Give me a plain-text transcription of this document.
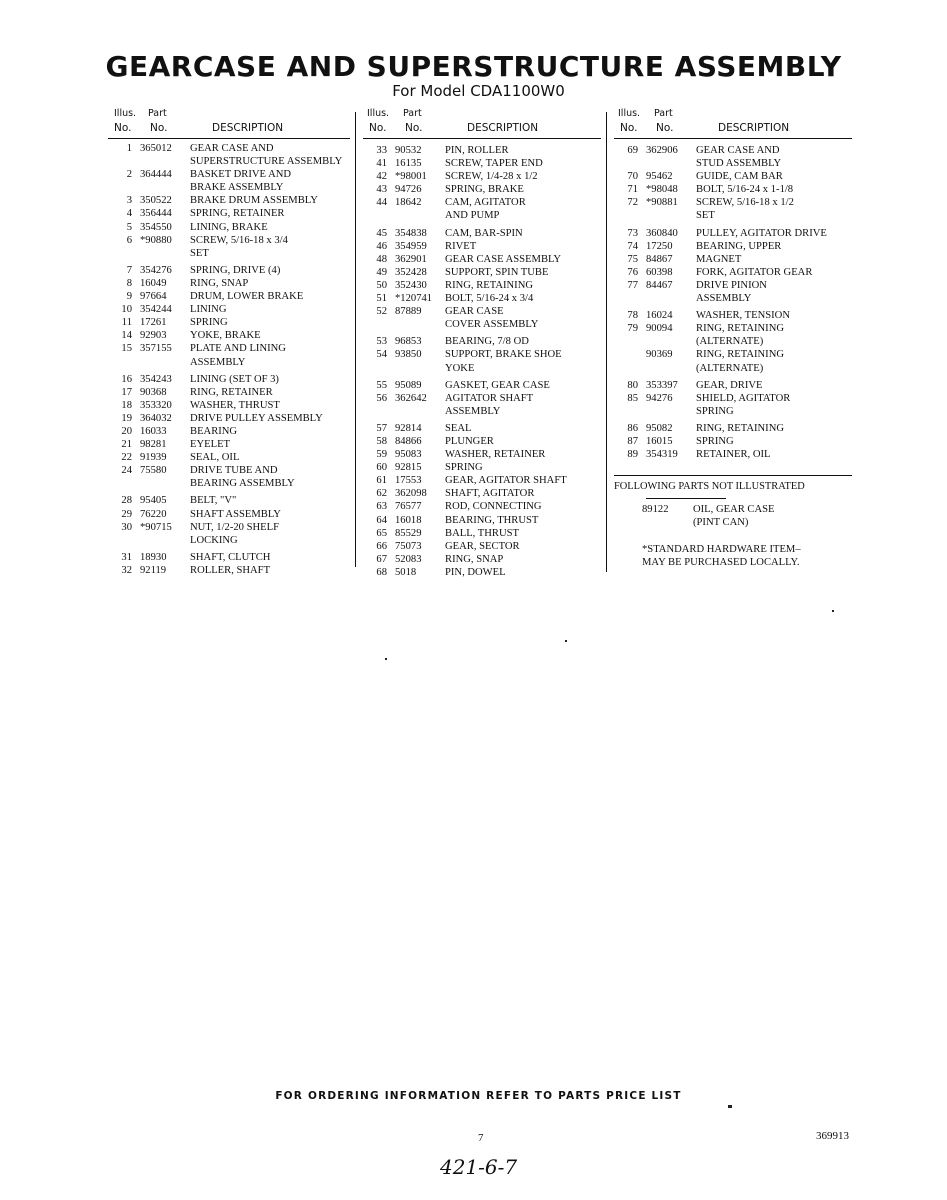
GEARCASE AND SUPERSTRUCTURE ASSEMBLY
For Model CDA1100W0
Illus. Part
No. No.	DESCRIPTION
1 365012	GEAR CASE AND
SUPERSTRUCTURE ASSEMBLY
2 364444	BASKET DRIVE AND
BRAKE ASSEMBLY
3 350522	BRAKE DRUM ASSEMBLY
4 356444	SPRING, RETAINER
5 354550	LINING, BRAKE
6 *90880	SCREW, 5/16-18 x 3/4
SET
7 354276	SPRING, DRIVE (4)
8 16049	RING, SNAP
9 97664	DRUM, LOWER BRAKE
10 354244	LINING
11 17261	SPRING
14 92903	YOKE, BRAKE
15 357155	PLATE AND LINING
ASSEMBLY
16 354243	LINING (SET OF 3)
17 90368	RING, RETAINER
18 353320	WASHER, THRUST
19 364032	DRIVE PULLEY ASSEMBLY
20 16033	BEARING
21 98281	EYELET
22 91939	SEAL, OIL
24 75580	DRIVE TUBE AND
BEARING ASSEMBLY
28 95405	BELT, "V"
29 76220	SHAFT ASSEMBLY
30 *90715	NUT, 1/2-20 SHELF
LOCKING
31 18930	SHAFT, CLUTCH
32 92119	ROLLER, SHAFT
Illus. Part
No. No.	DESCRIPTION
33 90532	PIN, ROLLER
41 16135	SCREW, TAPER END
42 *98001	SCREW, 1/4-28 x 1/2
43 94726	SPRING, BRAKE
44 18642	CAM, AGITATOR
AND PUMP
45 354838	CAM, BAR-SPIN
46 354959	RIVET
48 362901	GEAR CASE ASSEMBLY
49 352428	SUPPORT, SPIN TUBE
50 352430	RING, RETAINING
51 *120741	BOLT, 5/16-24 x 3/4
52 87889	GEAR CASE
COVER ASSEMBLY
53 96853	BEARING, 7/8 OD
54 93850	SUPPORT, BRAKE SHOE
YOKE
55 95089	GASKET, GEAR CASE
56 362642	AGITATOR SHAFT
ASSEMBLY
57 92814	SEAL
58 84866	PLUNGER
59 95083	WASHER, RETAINER
60 92815	SPRING
61 17553	GEAR, AGITATOR SHAFT
62 362098	SHAFT, AGITATOR
63 76577	ROD, CONNECTING
64 16018	BEARING, THRUST
65 85529	BALL, THRUST
66 75073	GEAR, SECTOR
67 52083	RING, SNAP
68 5018	PIN, DOWEL
Illus. Part
No. No.	DESCRIPTION
69 362906	GEAR CASE AND
STUD ASSEMBLY
70 95462	GUIDE, CAM BAR
71 *98048	BOLT, 5/16-24 x 1-1/8
72 *90881	SCREW, 5/16-18 x 1/2
SET
73 360840	PULLEY, AGITATOR DRIVE
74 17250	BEARING, UPPER
75 84867	MAGNET
76 60398	FORK, AGITATOR GEAR
77 84467	DRIVE PINION
ASSEMBLY
78 16024	WASHER, TENSION
79 90094	RING, RETAINING
(ALTERNATE)
90369	RING, RETAINING
(ALTERNATE)
80 353397	GEAR, DRIVE
85 94276	SHIELD, AGITATOR
SPRING
86 95082	RING, RETAINING
87 16015	SPRING
89 354319	RETAINER, OIL
FOLLOWING PARTS NOT ILLUSTRATED
89122	OIL, GEAR CASE
(PINT CAN)
*STANDARD HARDWARE ITEM–
MAY BE PURCHASED LOCALLY.
FOR ORDERING INFORMATION REFER TO PARTS PRICE LIST
7	369913
421-6-7
